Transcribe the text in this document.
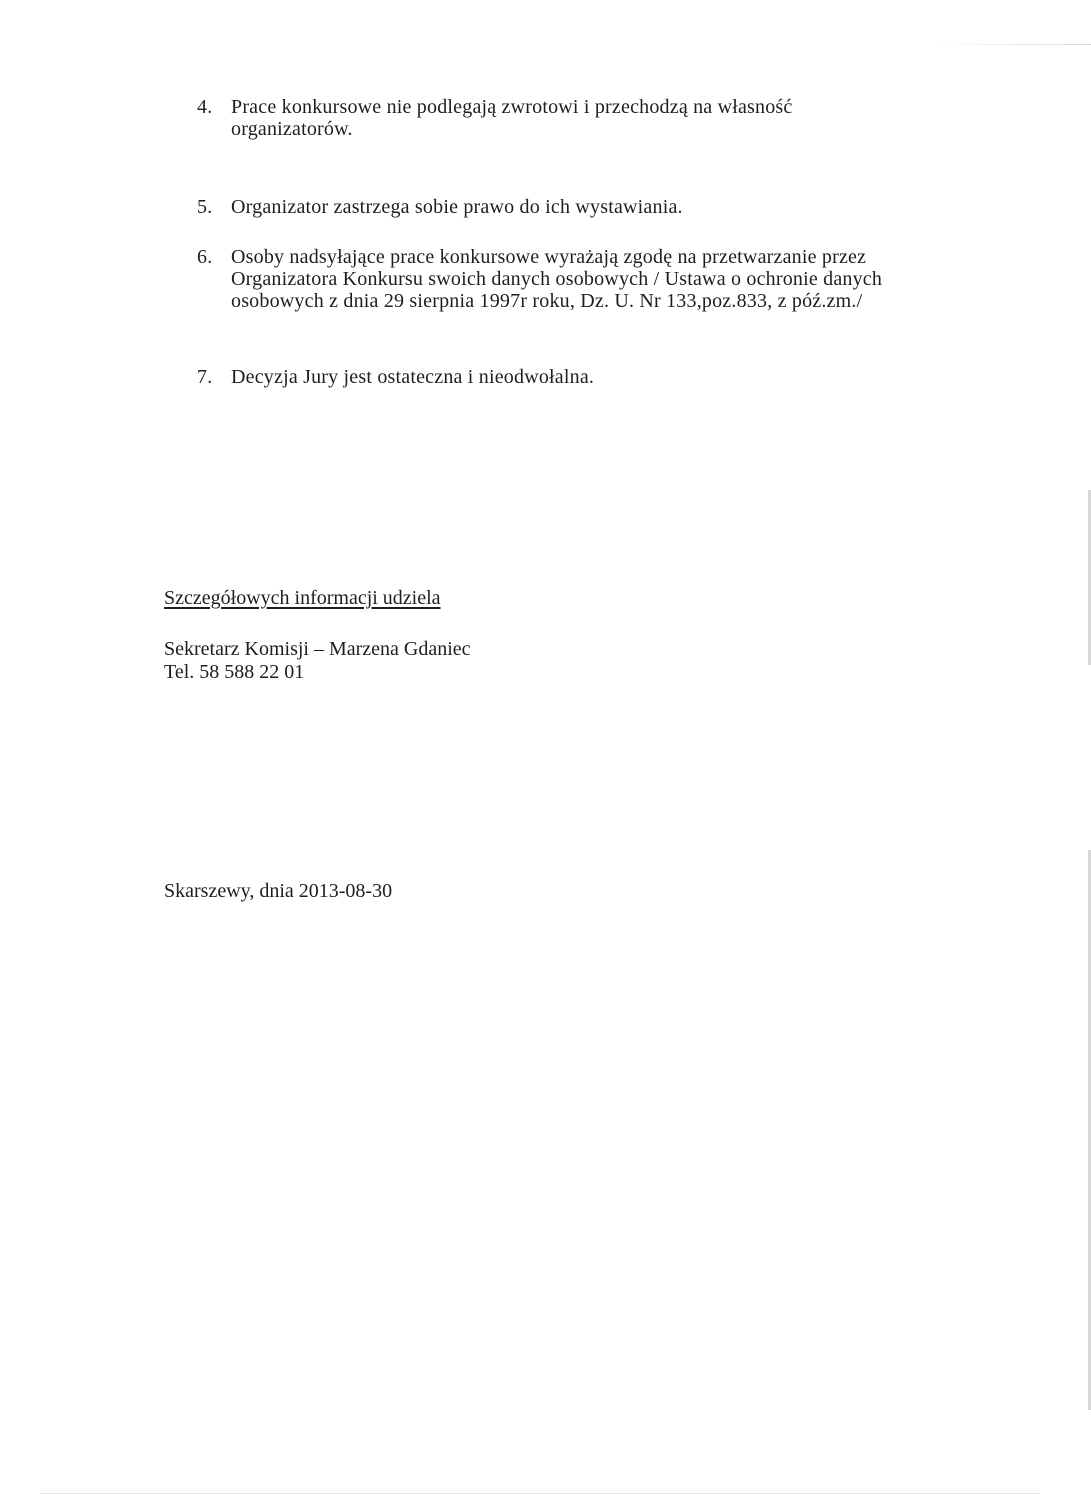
4. Prace konkursowe nie podlegają zwrotowi i przechodzą na własność organizatorów.
5. Organizator zastrzega sobie prawo do ich wystawiania.
6. Osoby nadsyłające prace konkursowe wyrażają zgodę na przetwarzanie przez Organizatora Konkursu swoich danych osobowych / Ustawa o ochronie danych osobowych z dnia 29 sierpnia 1997r roku, Dz. U. Nr 133,poz.833, z póź.zm./
7. Decyzja Jury jest ostateczna i nieodwołalna.
Szczegółowych informacji udziela
Sekretarz Komisji – Marzena Gdaniec
Tel. 58 588 22 01
Skarszewy, dnia 2013-08-30
